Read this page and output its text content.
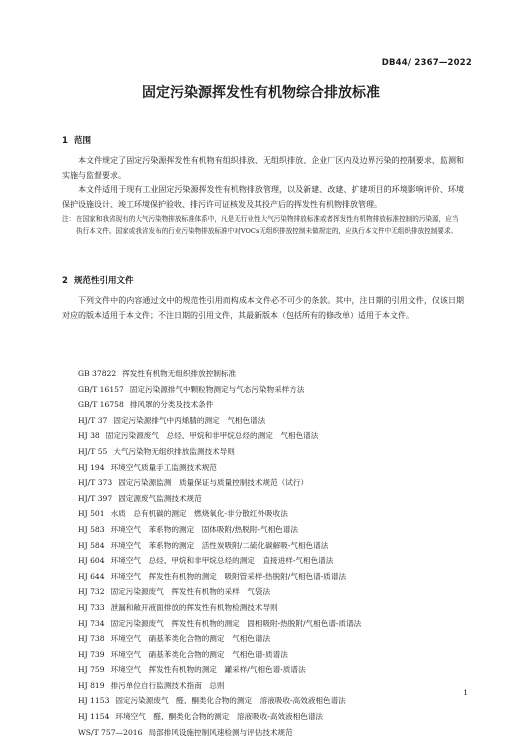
DB44/ 2367—2022
固定污染源挥发性有机物综合排放标准
1 范围
本文件规定了固定污染源挥发性有机物有组织排放、无组织排放、企业厂区内及边界污染的控制要求、监测和实施与监督要求。
本文件适用于现有工业固定污染源挥发性有机物排放管理，以及新建、改建、扩建项目的环境影响评价、环境保护设施设计、竣工环境保护验收、排污许可证核发及其投产后的挥发性有机物排放管理。
注： 在国家和我省现有的大气污染物排放标准体系中，凡是无行业性大气污染物排放标准或者挥发性有机物排放标准控制的污染源，应当执行本文件。国家或我省发布的行业污染物排放标准中对VOCs无组织排放控制未做规定的，应执行本文件中无组织排放控制要求。
2 规范性引用文件
下列文件中的内容通过文中的规范性引用而构成本文件必不可少的条款。其中，注日期的引用文件，仅该日期对应的版本适用于本文件；不注日期的引用文件，其最新版本（包括所有的修改单）适用于本文件。
GB 37822 挥发性有机物无组织排放控制标准
GB/T 16157 固定污染源排气中颗粒物测定与气态污染物采样方法
GB/T 16758 排风罩的分类及技术条件
HJ/T 37 固定污染源排气中丙烯腈的测定　气相色谱法
HJ 38 固定污染源废气　总烃、甲烷和非甲烷总烃的测定　气相色谱法
HJ/T 55 大气污染物无组织排放监测技术导则
HJ 194 环境空气质量手工监测技术规范
HJ/T 373 固定污染源监测　质量保证与质量控制技术规范（试行）
HJ/T 397 固定源废气监测技术规范
HJ 501 水质　总有机碳的测定　燃烧氧化-非分散红外吸收法
HJ 583 环境空气　苯系物的测定　固体吸附/热脱附-气相色谱法
HJ 584 环境空气　苯系物的测定　活性炭吸附/二硫化碳解吸-气相色谱法
HJ 604 环境空气　总烃、甲烷和非甲烷总烃的测定　直接进样-气相色谱法
HJ 644 环境空气　挥发性有机物的测定　吸附管采样-热脱附/气相色谱-质谱法
HJ 732 固定污染源废气　挥发性有机物的采样　气袋法
HJ 733 泄漏和敞开液面排放的挥发性有机物检测技术导则
HJ 734 固定污染源废气　挥发性有机物的测定　固相吸附-热脱附/气相色谱-质谱法
HJ 738 环境空气　硝基苯类化合物的测定　气相色谱法
HJ 739 环境空气　硝基苯类化合物的测定　气相色谱-质谱法
HJ 759 环境空气　挥发性有机物的测定　罐采样/气相色谱-质谱法
HJ 819 排污单位自行监测技术指南　总则
HJ 1153 固定污染源废气　醛、酮类化合物的测定　溶液吸收-高效液相色谱法
HJ 1154 环境空气　醛、酮类化合物的测定　溶液吸收-高效液相色谱法
WS/T 757—2016 局部排风设施控制风速检测与评估技术规范
1
